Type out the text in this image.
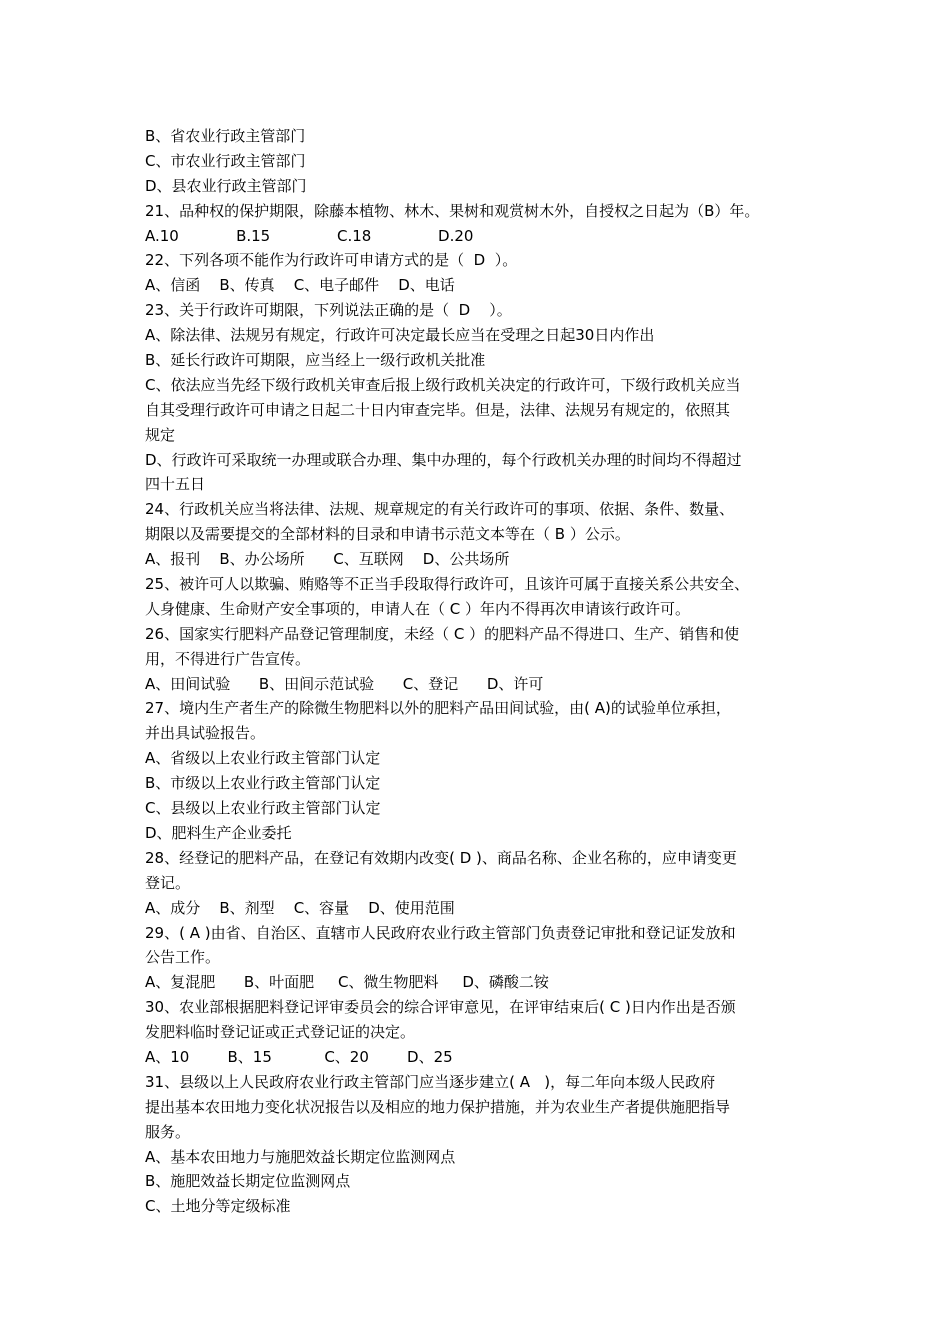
B、省农业行政主管部门
C、市农业行政主管部门
D、县农业行政主管部门
21、品种权的保护期限，除藤本植物、林木、果树和观赏树木外，自授权之日起为（B）年。
A.10            B.15              C.18              D.20
22、下列各项不能作为行政许可申请方式的是（  D  ）。
A、信函    B、传真    C、电子邮件    D、电话
23、关于行政许可期限，下列说法正确的是（  D    ）。
A、除法律、法规另有规定，行政许可决定最长应当在受理之日起30日内作出
B、延长行政许可期限，应当经上一级行政机关批准
C、依法应当先经下级行政机关审查后报上级行政机关决定的行政许可，下级行政机关应当
自其受理行政许可申请之日起二十日内审查完毕。但是，法律、法规另有规定的，依照其
规定
D、行政许可采取统一办理或联合办理、集中办理的，每个行政机关办理的时间均不得超过
四十五日
24、行政机关应当将法律、法规、规章规定的有关行政许可的事项、依据、条件、数量、
期限以及需要提交的全部材料的目录和申请书示范文本等在（ B ）公示。
A、报刊    B、办公场所      C、互联网    D、公共场所
25、被许可人以欺骗、贿赂等不正当手段取得行政许可，且该许可属于直接关系公共安全、
人身健康、生命财产安全事项的，申请人在（ C ）年内不得再次申请该行政许可。
26、国家实行肥料产品登记管理制度，未经（ C ）的肥料产品不得进口、生产、销售和使
用，不得进行广告宣传。
A、田间试验      B、田间示范试验      C、登记      D、许可
27、境内生产者生产的除微生物肥料以外的肥料产品田间试验，由( A)的试验单位承担，
并出具试验报告。
A、省级以上农业行政主管部门认定
B、市级以上农业行政主管部门认定
C、县级以上农业行政主管部门认定
D、肥料生产企业委托
28、经登记的肥料产品，在登记有效期内改变( D )、商品名称、企业名称的，应申请变更
登记。
A、成分    B、剂型    C、容量    D、使用范围
29、( A )由省、自治区、直辖市人民政府农业行政主管部门负责登记审批和登记证发放和
公告工作。
A、复混肥      B、叶面肥     C、微生物肥料     D、磷酸二铵
30、农业部根据肥料登记评审委员会的综合评审意见，在评审结束后( C )日内作出是否颁
发肥料临时登记证或正式登记证的决定。
A、10        B、15           C、20        D、25
31、县级以上人民政府农业行政主管部门应当逐步建立( A   )，每二年向本级人民政府
提出基本农田地力变化状况报告以及相应的地力保护措施，并为农业生产者提供施肥指导
服务。
A、基本农田地力与施肥效益长期定位监测网点
B、施肥效益长期定位监测网点
C、土地分等定级标准
